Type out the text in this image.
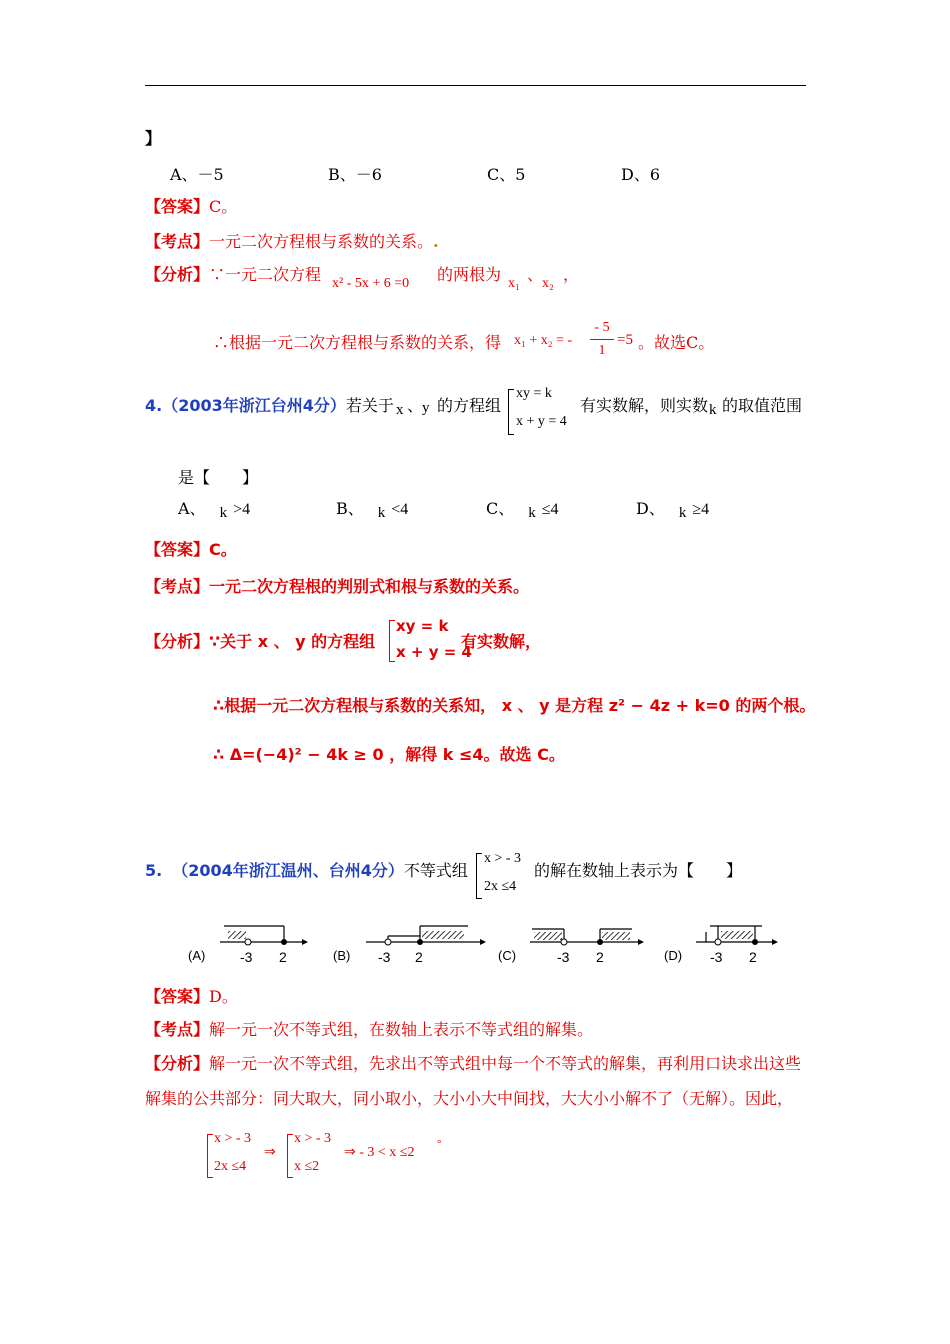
】
A、－5	B、－6	C、5	D、6
【答案】C。
【考点】一元二次方程根与系数的关系。.
【分析】∵一元二次方程 x² - 5x + 6 =0 的两根为 x₁ 、
x₂ ，
∴根据一元二次方程根与系数的关系，得 x₁ + x₂ = -
- 5
1
=5 。故选C。
4.（2003年浙江台州4分）若关于 x 、
y 的方程组
xy = k
x + y = 4
有实数解，则实数 k 的取值范围
是【　　】
A、 k >4	B、 k <4	C、 k ≤4	D、 k ≥4
【答案】C。
【考点】一元二次方程根的判别式和根与系数的关系。
【分析】∵关于 x 、 y 的方程组
xy = k
x + y = 4
有实数解，
∴根据一元二次方程根与系数的关系知， x 、 y 是方程 z² − 4z + k=0 的两个根。
∴ Δ=(−4)² − 4k ≥ 0 ，解得 k ≤4。故选 C。
5. （2004年浙江温州、台州4分）不等式组
x > - 3
2x ≤4
的解在数轴上表示为【　　】
(A) -3 2	(B) -3 2	(C)	-3 2	(D) -3 2
【答案】D。
【考点】解一元一次不等式组，在数轴上表示不等式组的解集。
【分析】解一元一次不等式组，先求出不等式组中每一个不等式的解集，再利用口诀求出这些
解集的公共部分：同大取大，同小取小，大小小大中间找，大大小小解不了（无解）。因此，
x > - 3
2x ≤4
⇒
x > - 3
x ≤2
⇒ - 3 < x ≤2
°
